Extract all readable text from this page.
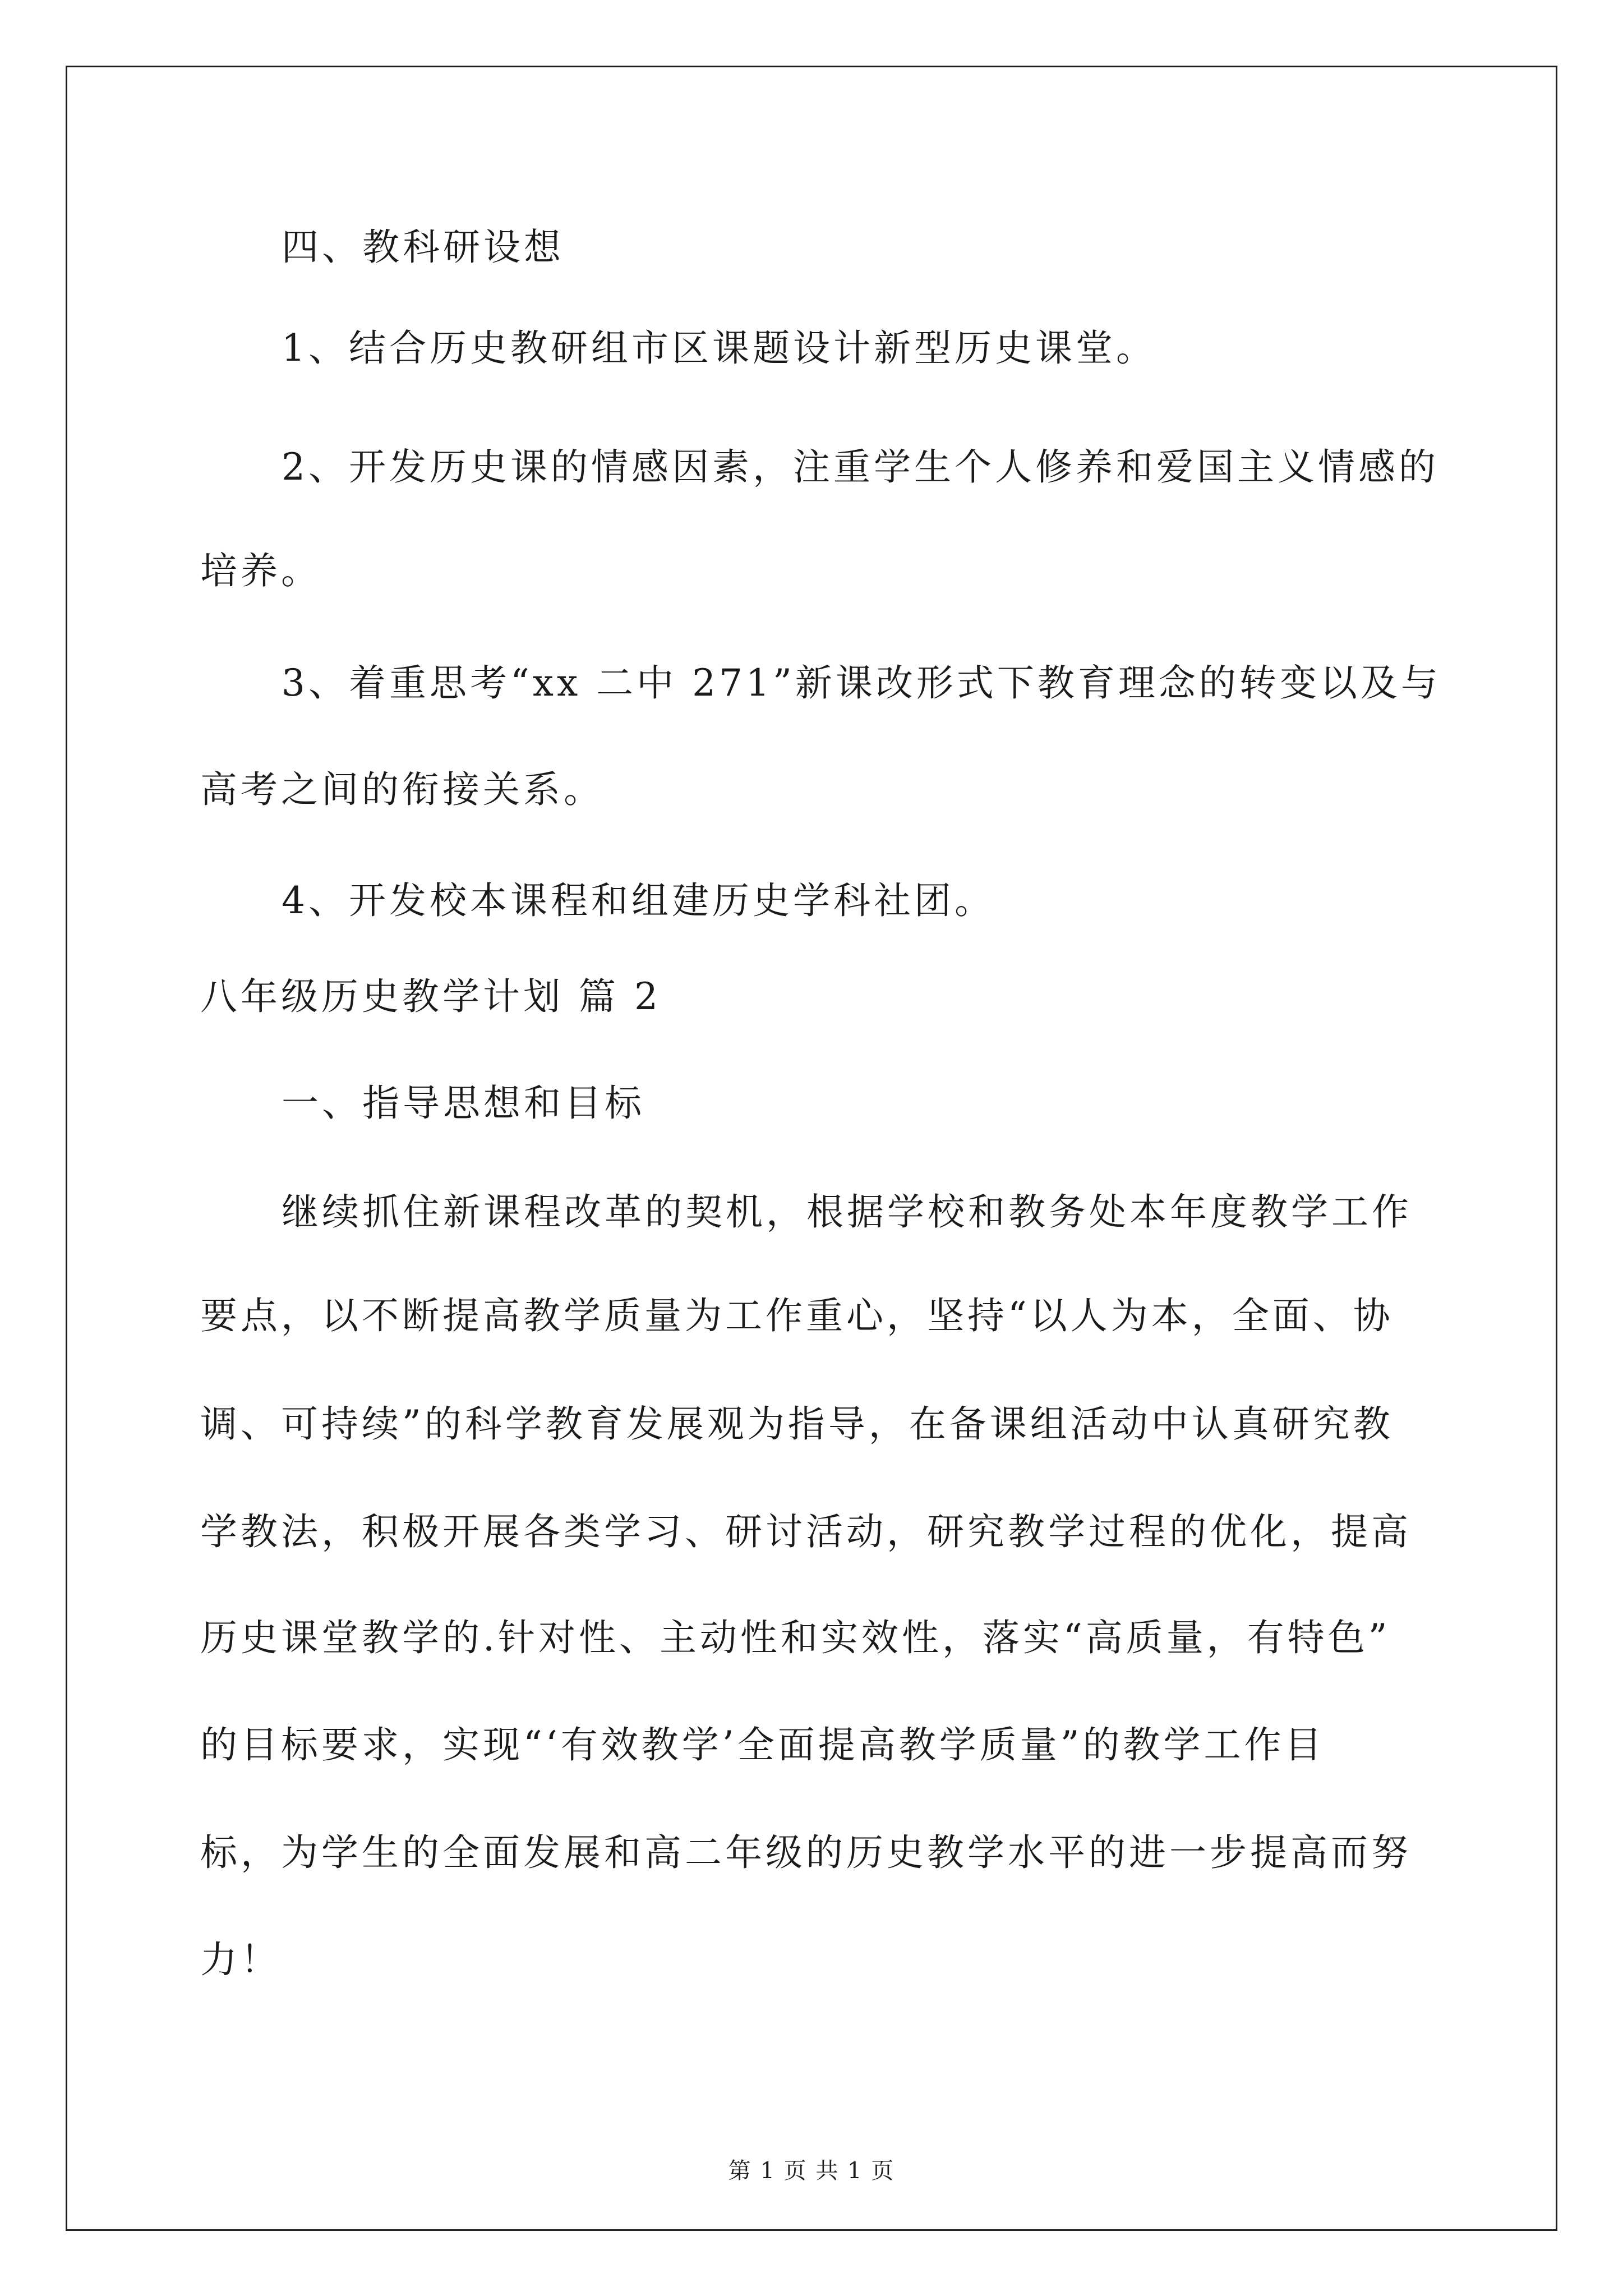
四、教科研设想
1、结合历史教研组市区课题设计新型历史课堂。
2、开发历史课的情感因素，注重学生个人修养和爱国主义情感的
培养。
3、着重思考“xx 二中 271”新课改形式下教育理念的转变以及与
高考之间的衔接关系。
4、开发校本课程和组建历史学科社团。
八年级历史教学计划 篇 2
一、指导思想和目标
继续抓住新课程改革的契机，根据学校和教务处本年度教学工作
要点，以不断提高教学质量为工作重心，坚持“以人为本，全面、协
调、可持续”的科学教育发展观为指导，在备课组活动中认真研究教
学教法，积极开展各类学习、研讨活动，研究教学过程的优化，提高
历史课堂教学的.针对性、主动性和实效性，落实“高质量，有特色”
的目标要求，实现“‘有效教学’全面提高教学质量”的教学工作目
标，为学生的全面发展和高二年级的历史教学水平的进一步提高而努
力！
第 1 页 共 1 页
